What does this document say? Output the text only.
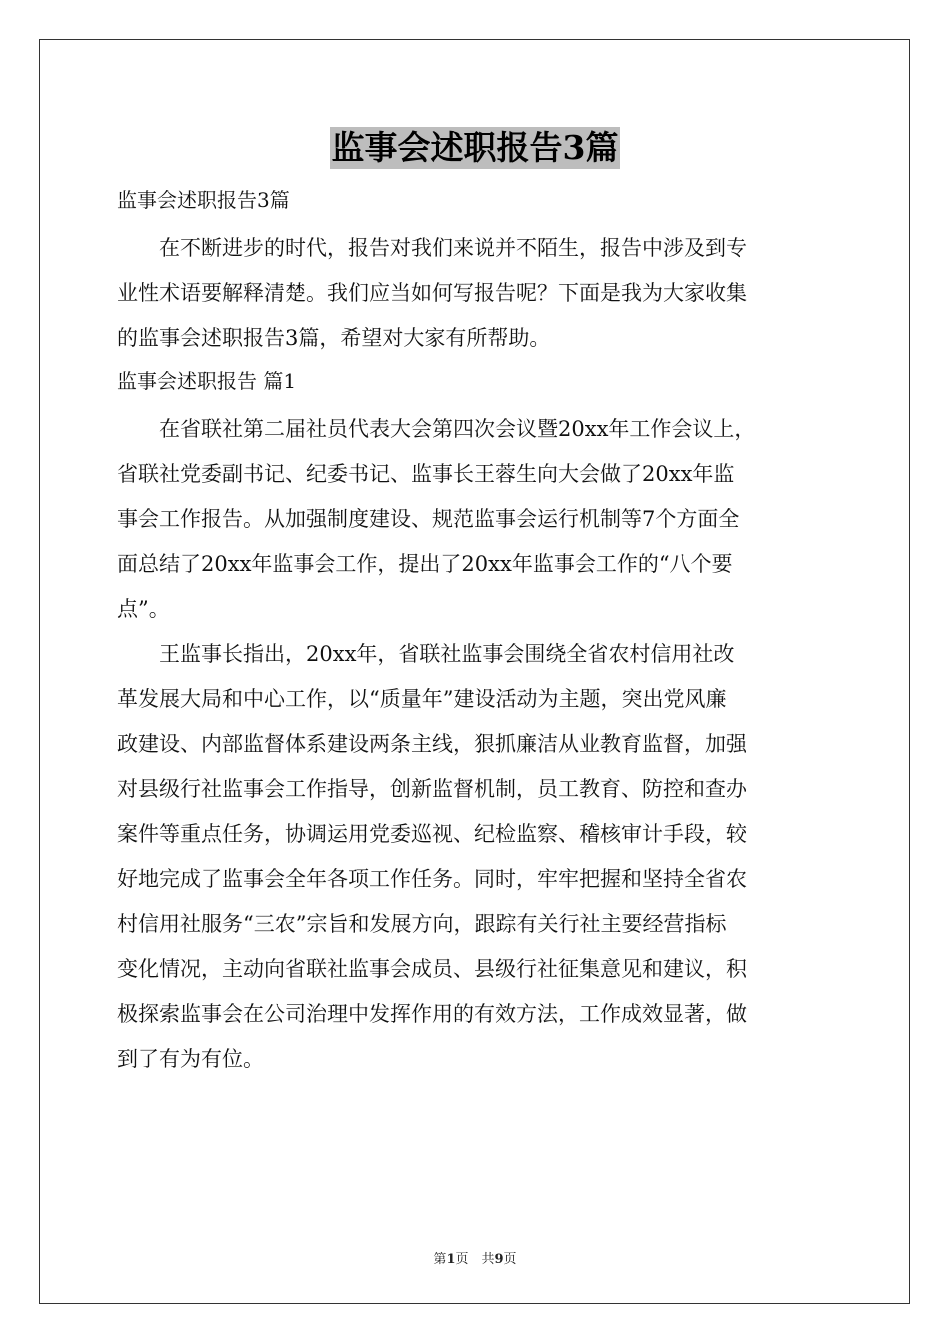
监事会述职报告3篇
监事会述职报告3篇
　　在不断进步的时代，报告对我们来说并不陌生，报告中涉及到专
业性术语要解释清楚。我们应当如何写报告呢？下面是我为大家收集
的监事会述职报告3篇，希望对大家有所帮助。
监事会述职报告 篇1
　　在省联社第二届社员代表大会第四次会议暨20xx年工作会议上，
省联社党委副书记、纪委书记、监事长王蓉生向大会做了20xx年监
事会工作报告。从加强制度建设、规范监事会运行机制等7个方面全
面总结了20xx年监事会工作，提出了20xx年监事会工作的“八个要
点”。
　　王监事长指出，20xx年，省联社监事会围绕全省农村信用社改
革发展大局和中心工作，以“质量年”建设活动为主题，突出党风廉
政建设、内部监督体系建设两条主线，狠抓廉洁从业教育监督，加强
对县级行社监事会工作指导，创新监督机制，员工教育、防控和查办
案件等重点任务，协调运用党委巡视、纪检监察、稽核审计手段，较
好地完成了监事会全年各项工作任务。同时，牢牢把握和坚持全省农
村信用社服务“三农”宗旨和发展方向，跟踪有关行社主要经营指标
变化情况，主动向省联社监事会成员、县级行社征集意见和建议，积
极探索监事会在公司治理中发挥作用的有效方法，工作成效显著，做
到了有为有位。
第1页　共9页
